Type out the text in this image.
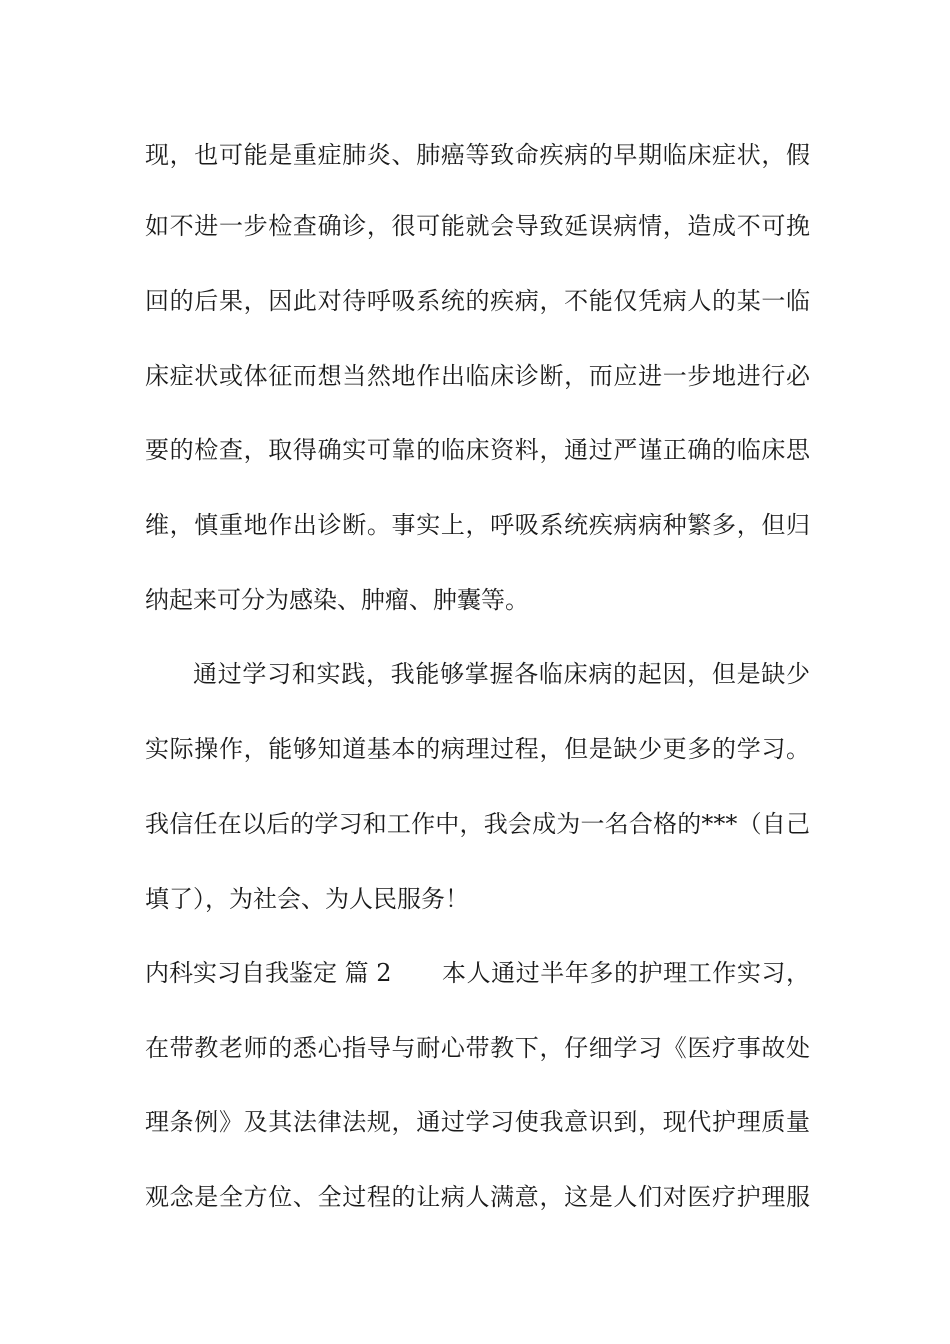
现，也可能是重症肺炎、肺癌等致命疾病的早期临床症状，假
如不进一步检查确诊，很可能就会导致延误病情，造成不可挽
回的后果，因此对待呼吸系统的疾病，不能仅凭病人的某一临
床症状或体征而想当然地作出临床诊断，而应进一步地进行必
要的检查，取得确实可靠的临床资料，通过严谨正确的临床思
维，慎重地作出诊断。事实上，呼吸系统疾病病种繁多，但归
纳起来可分为感染、肿瘤、肿囊等。
通过学习和实践，我能够掌握各临床病的起因，但是缺少
实际操作，能够知道基本的病理过程，但是缺少更多的学习。
我信任在以后的学习和工作中，我会成为一名合格的***（自己
填了），为社会、为人民服务！
内科实习自我鉴定 篇 2 本人通过半年多的护理工作实习，
在带教老师的悉心指导与耐心带教下，仔细学习《医疗事故处
理条例》及其法律法规，通过学习使我意识到，现代护理质量
观念是全方位、全过程的让病人满意，这是人们对医疗护理服
